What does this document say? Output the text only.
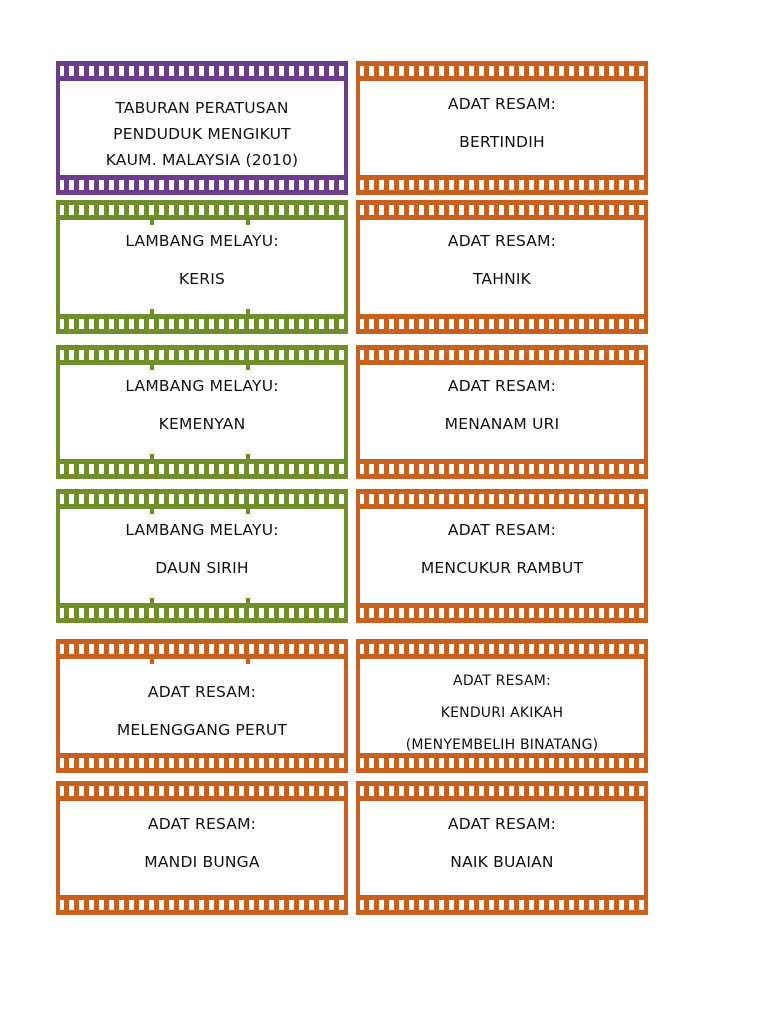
TABURAN PERATUSAN
PENDUDUK MENGIKUT
KAUM. MALAYSIA (2010)
ADAT RESAM:
BERTINDIH
LAMBANG MELAYU:
KERIS
ADAT RESAM:
TAHNIK
LAMBANG MELAYU:
KEMENYAN
ADAT RESAM:
MENANAM URI
LAMBANG MELAYU:
DAUN SIRIH
ADAT RESAM:
MENCUKUR RAMBUT
ADAT RESAM:
MELENGGANG PERUT
ADAT RESAM:
KENDURI AKIKAH
(MENYEMBELIH BINATANG)
ADAT RESAM:
MANDI BUNGA
ADAT RESAM:
NAIK BUAIAN
